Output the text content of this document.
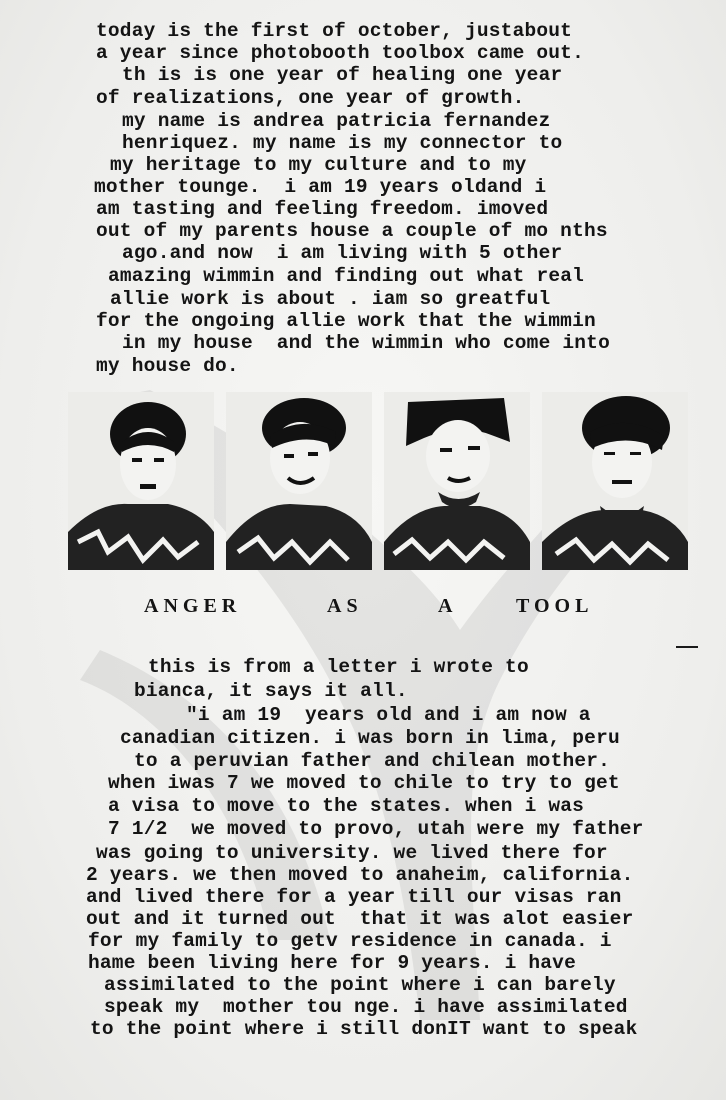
today is the first of october, justabout
a year since photobooth toolbox came out.
th is is one year of healing one year
of realizations, one year of growth.
my name is andrea patricia fernandez
henriquez. my name is my connector to
my heritage to my culture and to my
mother tounge.  i am 19 years oldand i
am tasting and feeling freedom. imoved
out of my parents house a couple of mo nths
ago.and now  i am living with 5 other
amazing wimmin and finding out what real
allie work is about . iam so greatful
for the ongoing allie work that the wimmin
in my house  and the wimmin who come into
my house do.
ANGER	AS	A	TOOL
this is from a letter i wrote to
bianca, it says it all.
"i am 19  years old and i am now a
canadian citizen. i was born in lima, peru
to a peruvian father and chilean mother.
when iwas 7 we moved to chile to try to get
a visa to move to the states. when i was
7 1/2  we moved to provo, utah were my father
was going to university. we lived there for
2 years. we then moved to anaheim, california.
and lived there for a year till our visas ran
out and it turned out  that it was alot easier
for my family to getv residence in canada. i
hame been living here for 9 years. i have
assimilated to the point where i can barely
speak my  mother tou nge. i have assimilated
to the point where i still donIT want to speak
